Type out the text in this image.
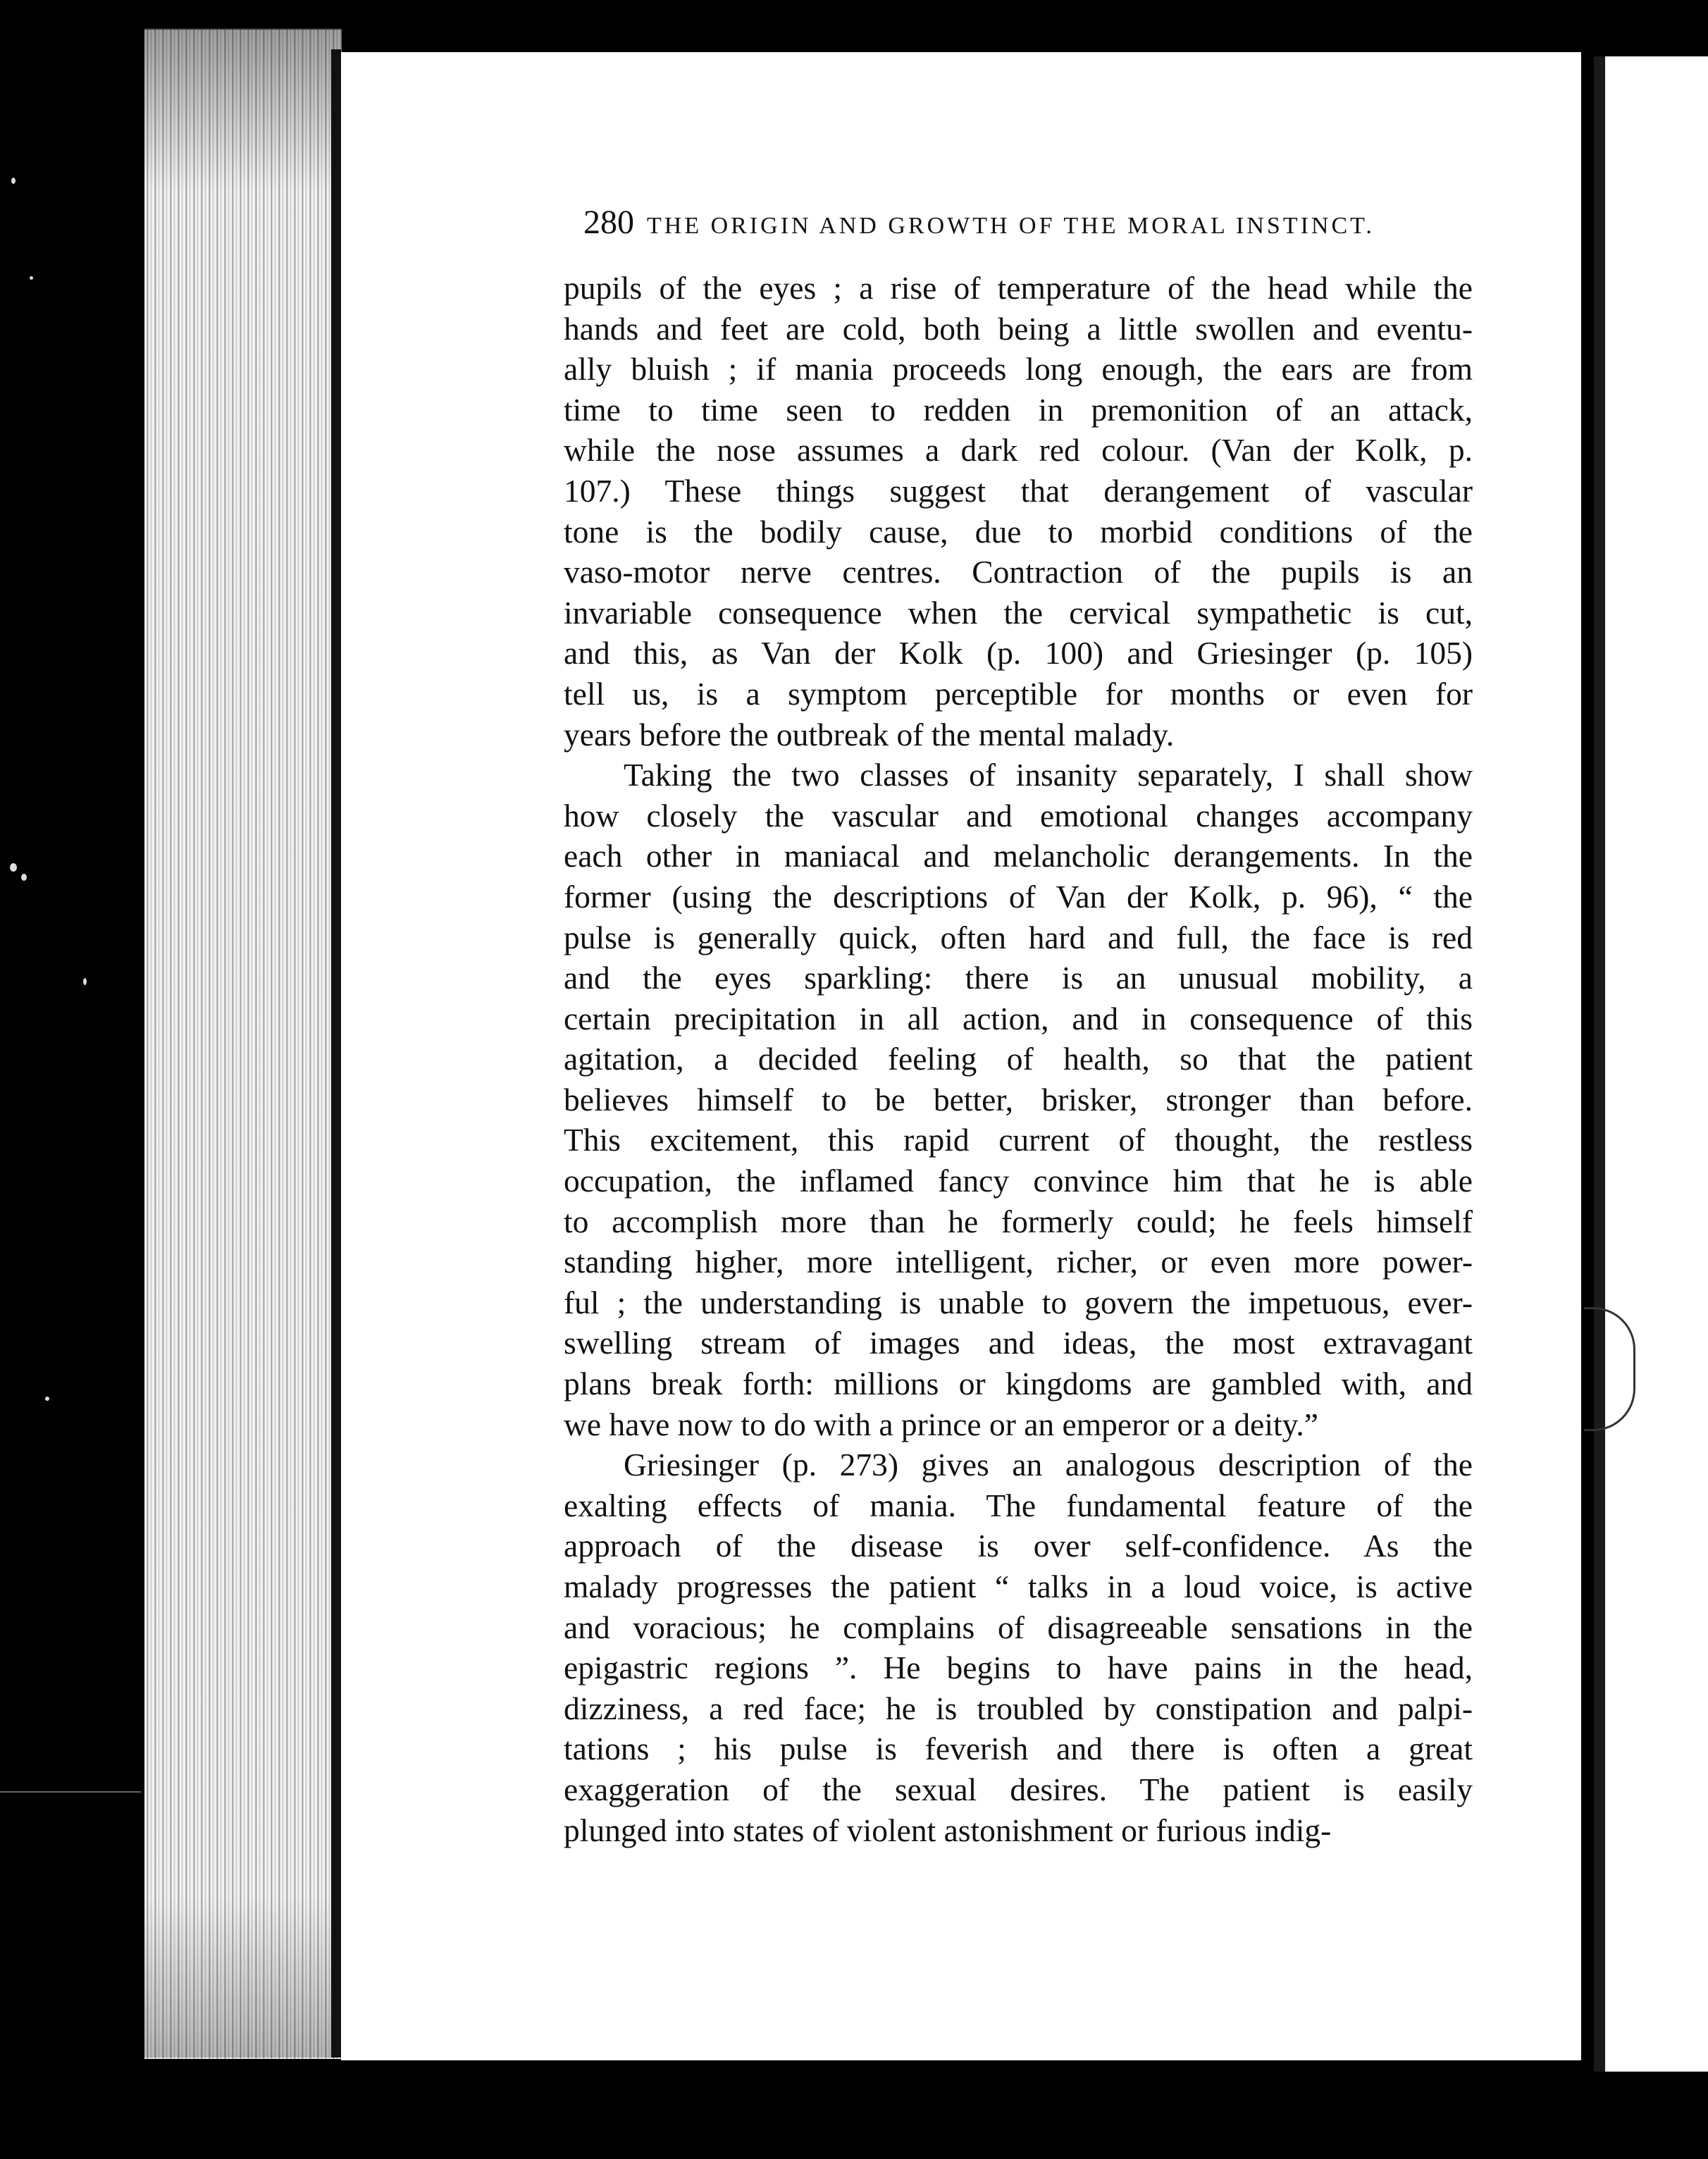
280 THE ORIGIN AND GROWTH OF THE MORAL INSTINCT.
pupils of the eyes ; a rise of temperature of the head while the
hands and feet are cold, both being a little swollen and eventu-
ally bluish ; if mania proceeds long enough, the ears are from
time to time seen to redden in premonition of an attack,
while the nose assumes a dark red colour. (Van der Kolk, p.
107.) These things suggest that derangement of vascular
tone is the bodily cause, due to morbid conditions of the
vaso-motor nerve centres. Contraction of the pupils is an
invariable consequence when the cervical sympathetic is cut,
and this, as Van der Kolk (p. 100) and Griesinger (p. 105)
tell us, is a symptom perceptible for months or even for
years before the outbreak of the mental malady.
Taking the two classes of insanity separately, I shall show
how closely the vascular and emotional changes accompany
each other in maniacal and melancholic derangements. In the
former (using the descriptions of Van der Kolk, p. 96), “ the
pulse is generally quick, often hard and full, the face is red
and the eyes sparkling: there is an unusual mobility, a
certain precipitation in all action, and in consequence of this
agitation, a decided feeling of health, so that the patient
believes himself to be better, brisker, stronger than before.
This excitement, this rapid current of thought, the restless
occupation, the inflamed fancy convince him that he is able
to accomplish more than he formerly could; he feels himself
standing higher, more intelligent, richer, or even more power-
ful ; the understanding is unable to govern the impetuous, ever-
swelling stream of images and ideas, the most extravagant
plans break forth: millions or kingdoms are gambled with, and
we have now to do with a prince or an emperor or a deity.”
Griesinger (p. 273) gives an analogous description of the
exalting effects of mania. The fundamental feature of the
approach of the disease is over self-confidence. As the
malady progresses the patient “ talks in a loud voice, is active
and voracious; he complains of disagreeable sensations in the
epigastric regions ”. He begins to have pains in the head,
dizziness, a red face; he is troubled by constipation and palpi-
tations ; his pulse is feverish and there is often a great
exaggeration of the sexual desires. The patient is easily
plunged into states of violent astonishment or furious indig-
